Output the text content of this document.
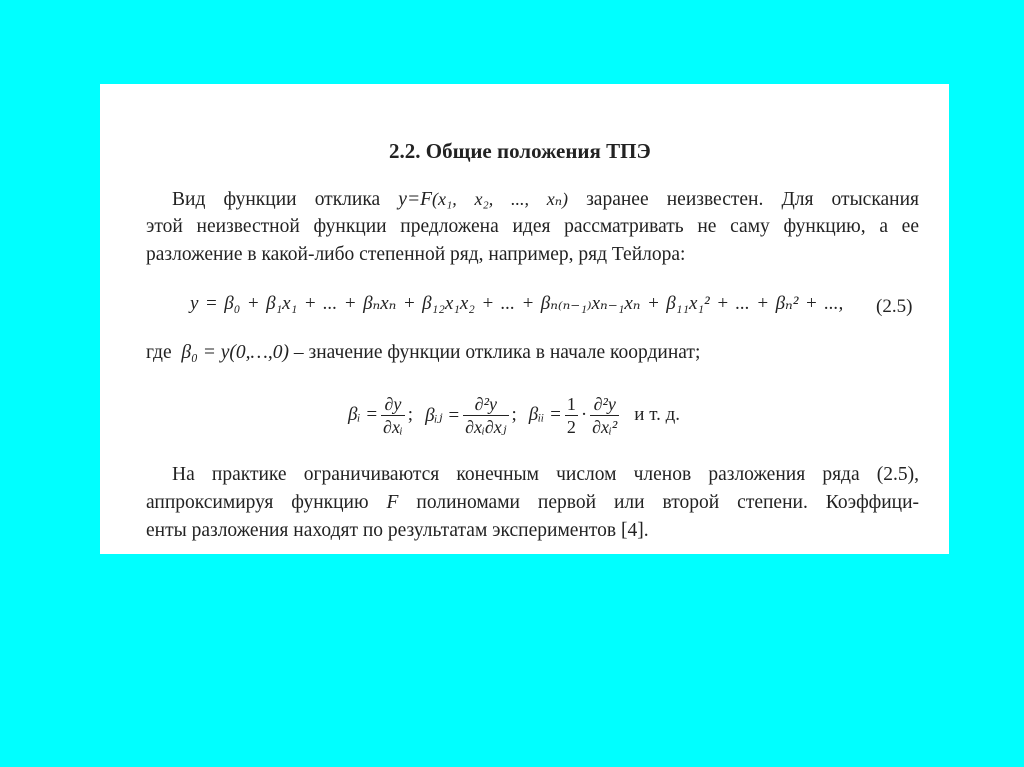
2.2. Общие положения ТПЭ
Вид функции отклика y=F(x₁, x₂, ..., xₙ) заранее неизвестен. Для отыскания
этой неизвестной функции предложена идея рассматривать не саму функцию, а ее
разложение в какой-либо степенной ряд, например, ряд Тейлора:
y = β₀ + β₁x₁ + ... + βₙxₙ + β₁₂x₁x₂ + ... + βₙ₍ₙ₋₁₎xₙ₋₁xₙ + β₁₁x₁² + ... + βₙ² + ..., (2.5)
где β₀ = y(0,…,0) – значение функции отклика в начале координат;
βᵢ = $\frac{\partial y}{\text{∂xᵢ}}$ ; βᵢⱼ = $\frac{\text{∂²y}}{\text{∂xᵢ∂xⱼ}}$ ; βᵢᵢ = $\frac{1}{2} \cdot \frac{\text{∂²y}}{\text{∂xᵢ²}}$ и т. д.
На практике ограничиваются конечным числом членов разложения ряда (2.5),
аппроксимируя функцию F полиномами первой или второй степени. Коэффици-
енты разложения находят по результатам экспериментов [4].
